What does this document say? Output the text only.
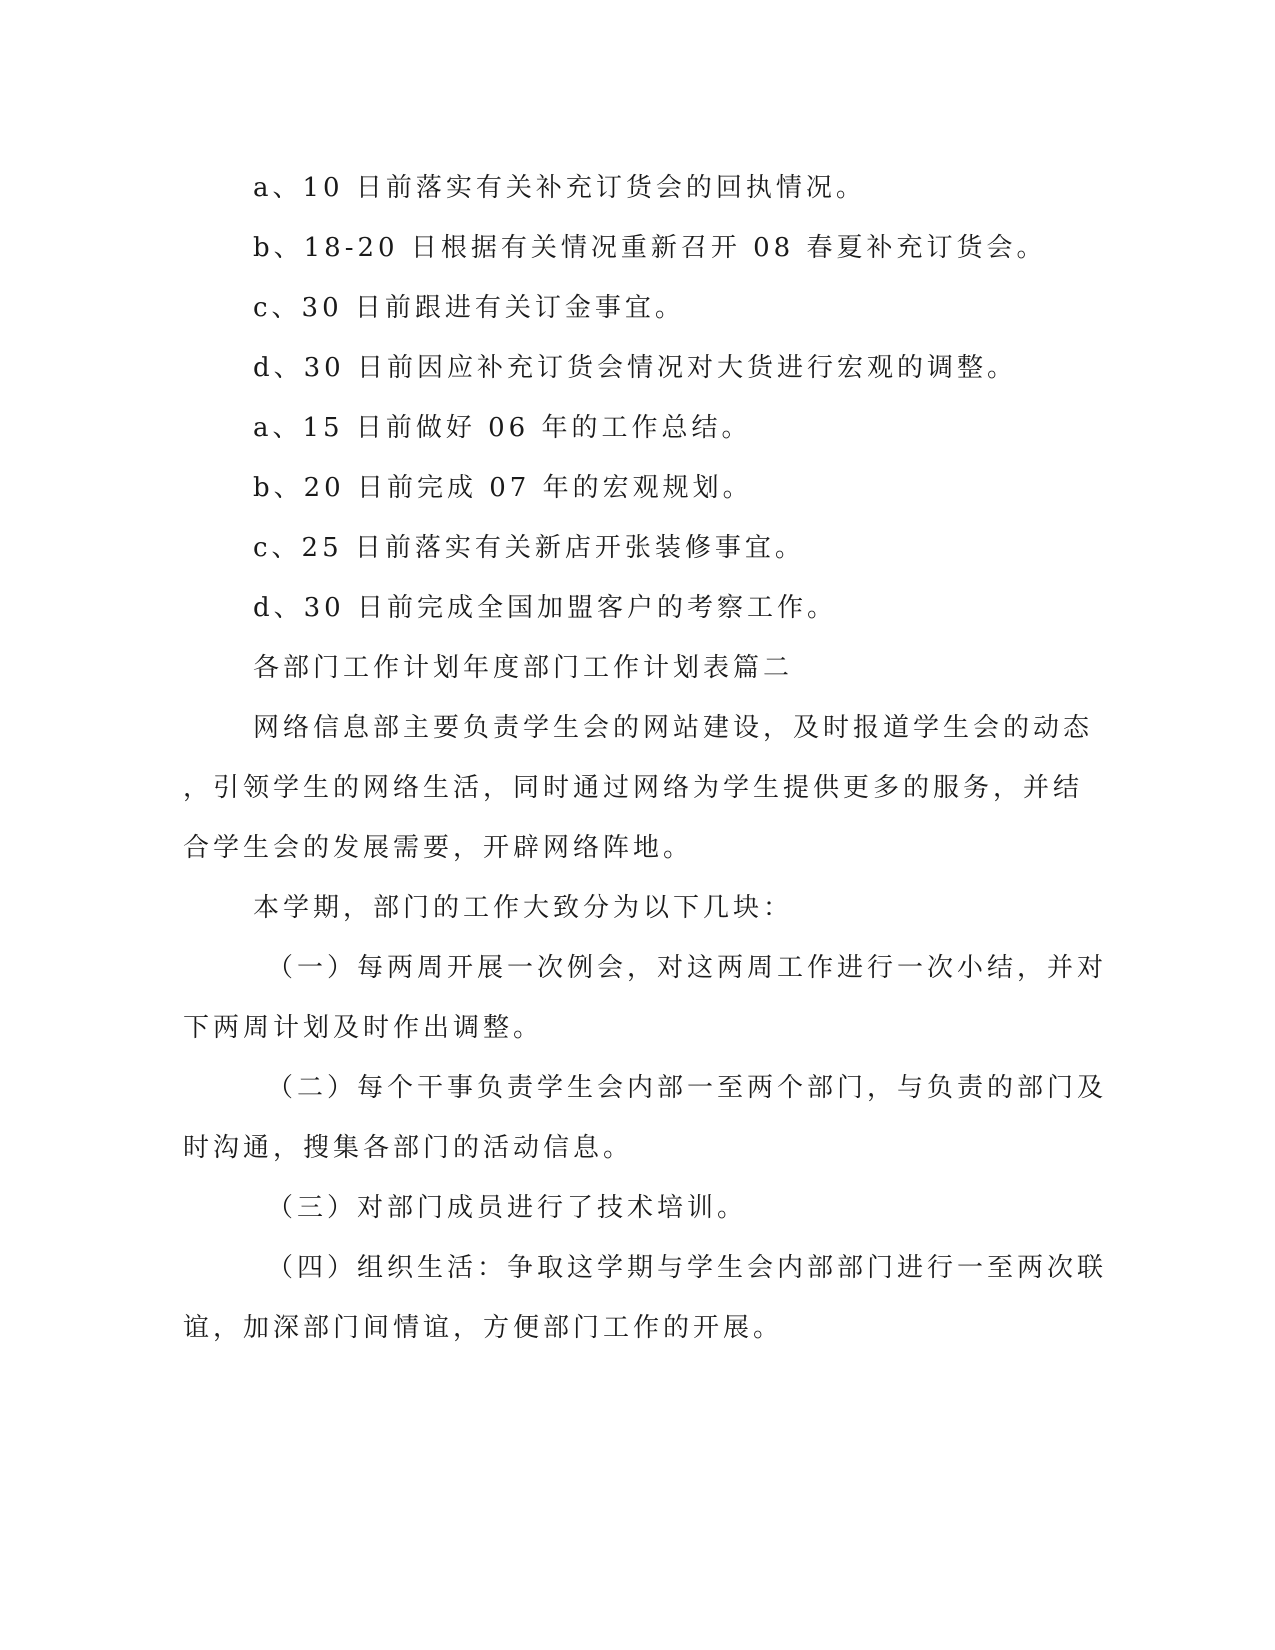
a、10 日前落实有关补充订货会的回执情况。
b、18-20 日根据有关情况重新召开 08 春夏补充订货会。
c、30 日前跟进有关订金事宜。
d、30 日前因应补充订货会情况对大货进行宏观的调整。
a、15 日前做好 06 年的工作总结。
b、20 日前完成 07 年的宏观规划。
c、25 日前落实有关新店开张装修事宜。
d、30 日前完成全国加盟客户的考察工作。
各部门工作计划年度部门工作计划表篇二
网络信息部主要负责学生会的网站建设，及时报道学生会的动态
，引领学生的网络生活，同时通过网络为学生提供更多的服务，并结
合学生会的发展需要，开辟网络阵地。
本学期，部门的工作大致分为以下几块：
（一）每两周开展一次例会，对这两周工作进行一次小结，并对
下两周计划及时作出调整。
（二）每个干事负责学生会内部一至两个部门，与负责的部门及
时沟通，搜集各部门的活动信息。
（三）对部门成员进行了技术培训。
（四）组织生活：争取这学期与学生会内部部门进行一至两次联
谊，加深部门间情谊，方便部门工作的开展。
